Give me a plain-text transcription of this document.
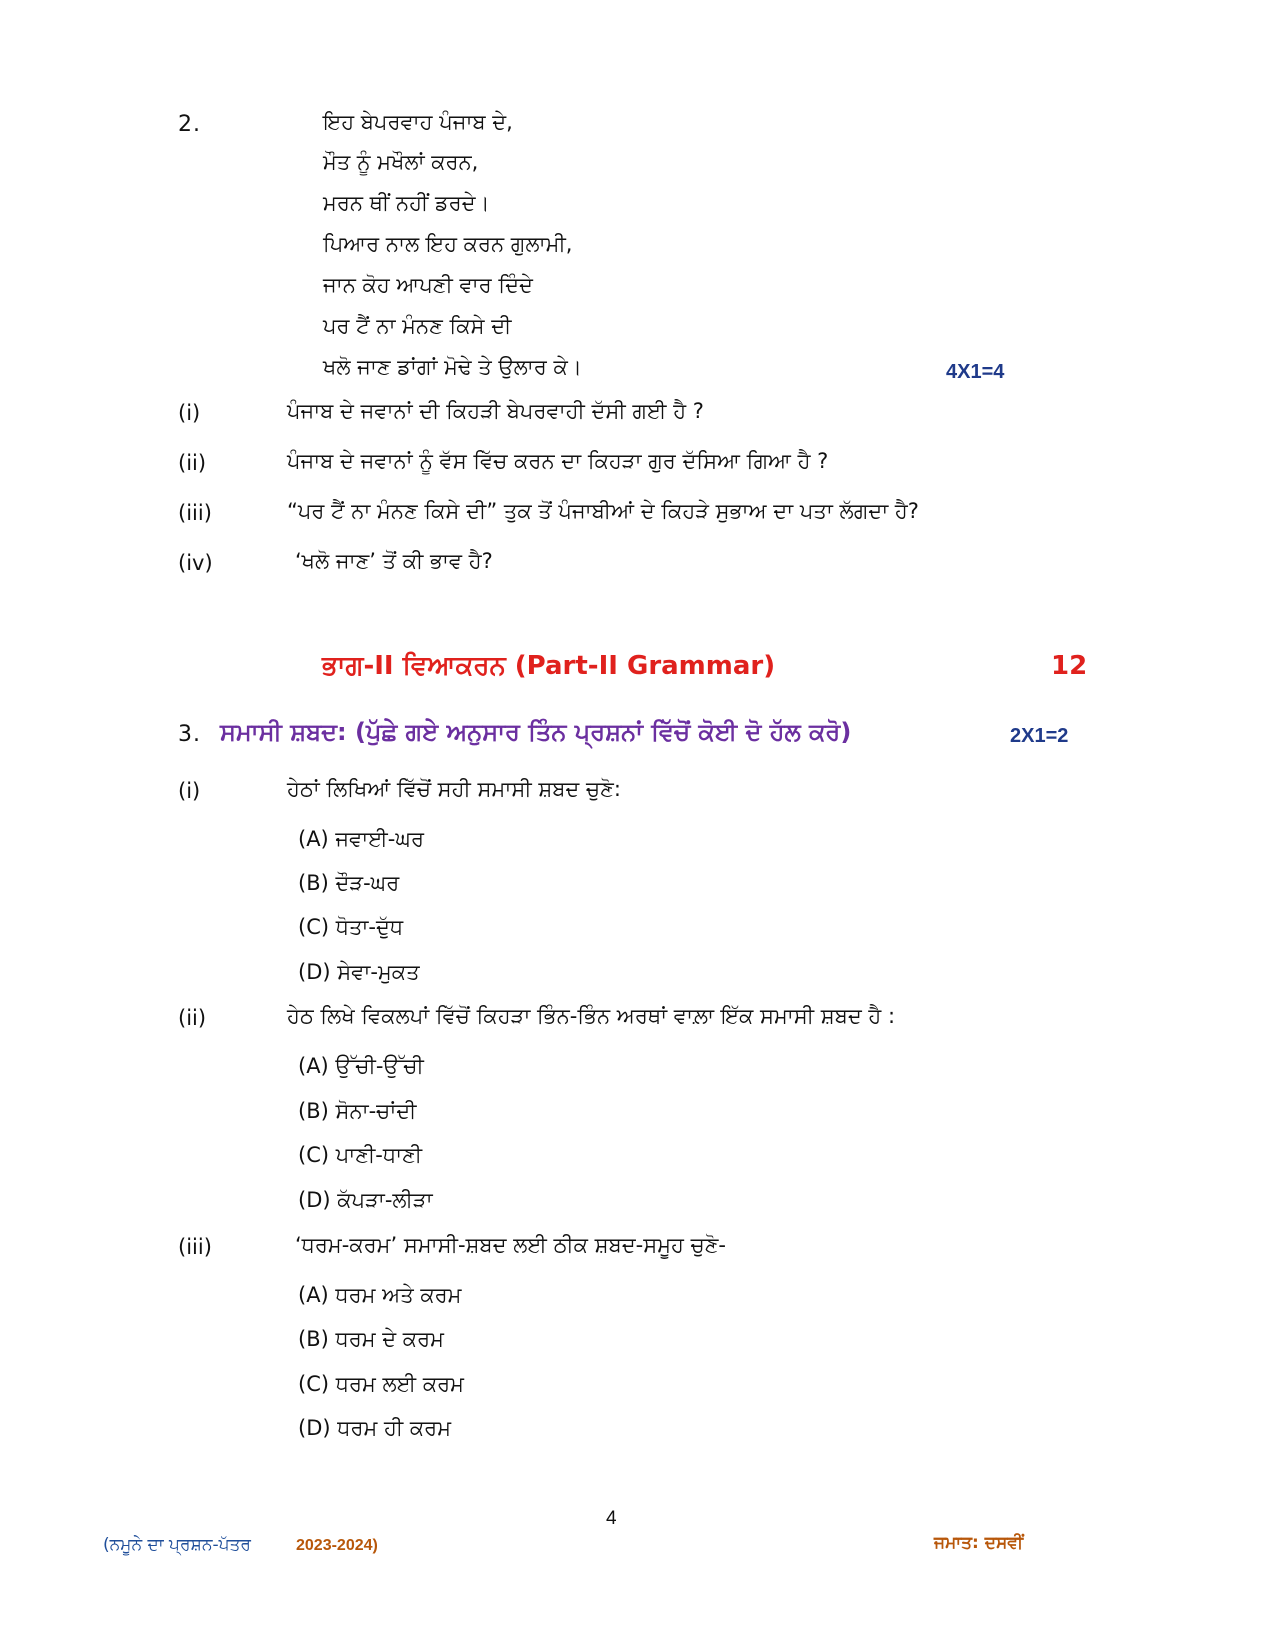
2.	ਇਹ ਬੇਪਰਵਾਹ ਪੰਜਾਬ ਦੇ,
ਮੌਤ ਨੂੰ ਮਖੌਲਾਂ ਕਰਨ,
ਮਰਨ ਥੀਂ ਨਹੀਂ ਡਰਦੇ।
ਪਿਆਰ ਨਾਲ ਇਹ ਕਰਨ ਗੁਲਾਮੀ,
ਜਾਨ ਕੋਹ ਆਪਣੀ ਵਾਰ ਦਿੰਦੇ
ਪਰ ਟੈਂ ਨਾ ਮੰਨਣ ਕਿਸੇ ਦੀ
ਖਲੋ ਜਾਣ ਡਾਂਗਾਂ ਮੋਢੇ ਤੇ ਉਲਾਰ ਕੇ।	4X1=4
(i)	ਪੰਜਾਬ ਦੇ ਜਵਾਨਾਂ ਦੀ ਕਿਹੜੀ ਬੇਪਰਵਾਹੀ ਦੱਸੀ ਗਈ ਹੈ ?
(ii)	ਪੰਜਾਬ ਦੇ ਜਵਾਨਾਂ ਨੂੰ ਵੱਸ ਵਿੱਚ ਕਰਨ ਦਾ ਕਿਹੜਾ ਗੁਰ ਦੱਸਿਆ ਗਿਆ ਹੈ ?
(iii)	“ਪਰ ਟੈਂ ਨਾ ਮੰਨਣ ਕਿਸੇ ਦੀ” ਤੁਕ ਤੋਂ ਪੰਜਾਬੀਆਂ ਦੇ ਕਿਹੜੇ ਸੁਭਾਅ ਦਾ ਪਤਾ ਲੱਗਦਾ ਹੈ?
(iv)	‘ਖਲੋ ਜਾਣ’ ਤੋਂ ਕੀ ਭਾਵ ਹੈ?
ਭਾਗ-II ਵਿਆਕਰਨ (Part-II Grammar)	12
3. ਸਮਾਸੀ ਸ਼ਬਦ: (ਪੁੱਛੇ ਗਏ ਅਨੁਸਾਰ ਤਿੰਨ ਪ੍ਰਸ਼ਨਾਂ ਵਿੱਚੋਂ ਕੋਈ ਦੋ ਹੱਲ ਕਰੋ)	2X1=2
(i)	ਹੇਠਾਂ ਲਿਖਿਆਂ ਵਿੱਚੋਂ ਸਹੀ ਸਮਾਸੀ ਸ਼ਬਦ ਚੁਣੋ:
(A) ਜਵਾਈ-ਘਰ
(B) ਦੌੜ-ਘਰ
(C) ਧੋਤਾ-ਦੁੱਧ
(D) ਸੇਵਾ-ਮੁਕਤ
(ii)	ਹੇਠ ਲਿਖੇ ਵਿਕਲਪਾਂ ਵਿੱਚੋਂ ਕਿਹੜਾ ਭਿੰਨ-ਭਿੰਨ ਅਰਥਾਂ ਵਾਲ਼ਾ ਇੱਕ ਸਮਾਸੀ ਸ਼ਬਦ ਹੈ :
(A) ਉੱਚੀ-ਉੱਚੀ
(B) ਸੋਨਾ-ਚਾਂਦੀ
(C) ਪਾਣੀ-ਧਾਣੀ
(D) ਕੱਪੜਾ-ਲੀੜਾ
(iii)	‘ਧਰਮ-ਕਰਮ’ ਸਮਾਸੀ-ਸ਼ਬਦ ਲਈ ਠੀਕ ਸ਼ਬਦ-ਸਮੂਹ ਚੁਣੋ-
(A) ਧਰਮ ਅਤੇ ਕਰਮ
(B) ਧਰਮ ਦੇ ਕਰਮ
(C) ਧਰਮ ਲਈ ਕਰਮ
(D) ਧਰਮ ਹੀ ਕਰਮ
4
(ਨਮੂਨੇ ਦਾ ਪ੍ਰਸ਼ਨ-ਪੱਤਰ	2023-2024)	ਜਮਾਤ: ਦਸਵੀਂ
